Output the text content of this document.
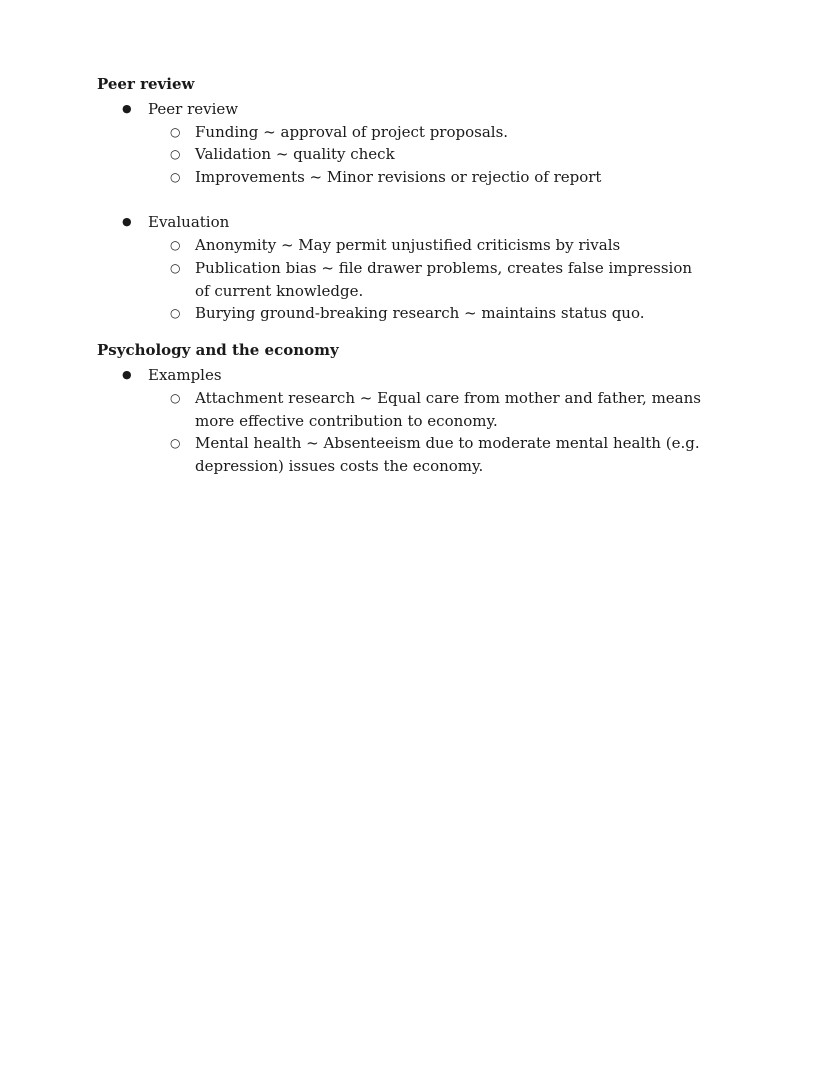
Peer review
●	Peer review
○ Funding ~ approval of project proposals.
○ Validation ~ quality check
○ Improvements ~ Minor revisions or rejectio of report
●	Evaluation
○ Anonymity ~ May permit unjustified criticisms by rivals
○ Publication bias ~ file drawer problems, creates false impression of current knowledge.
○ Burying ground-breaking research ~ maintains status quo.
Psychology and the economy
●	Examples
○ Attachment research ~ Equal care from mother and father, means more effective contribution to economy.
○ Mental health ~ Absenteeism due to moderate mental health (e.g. depression) issues costs the economy.
